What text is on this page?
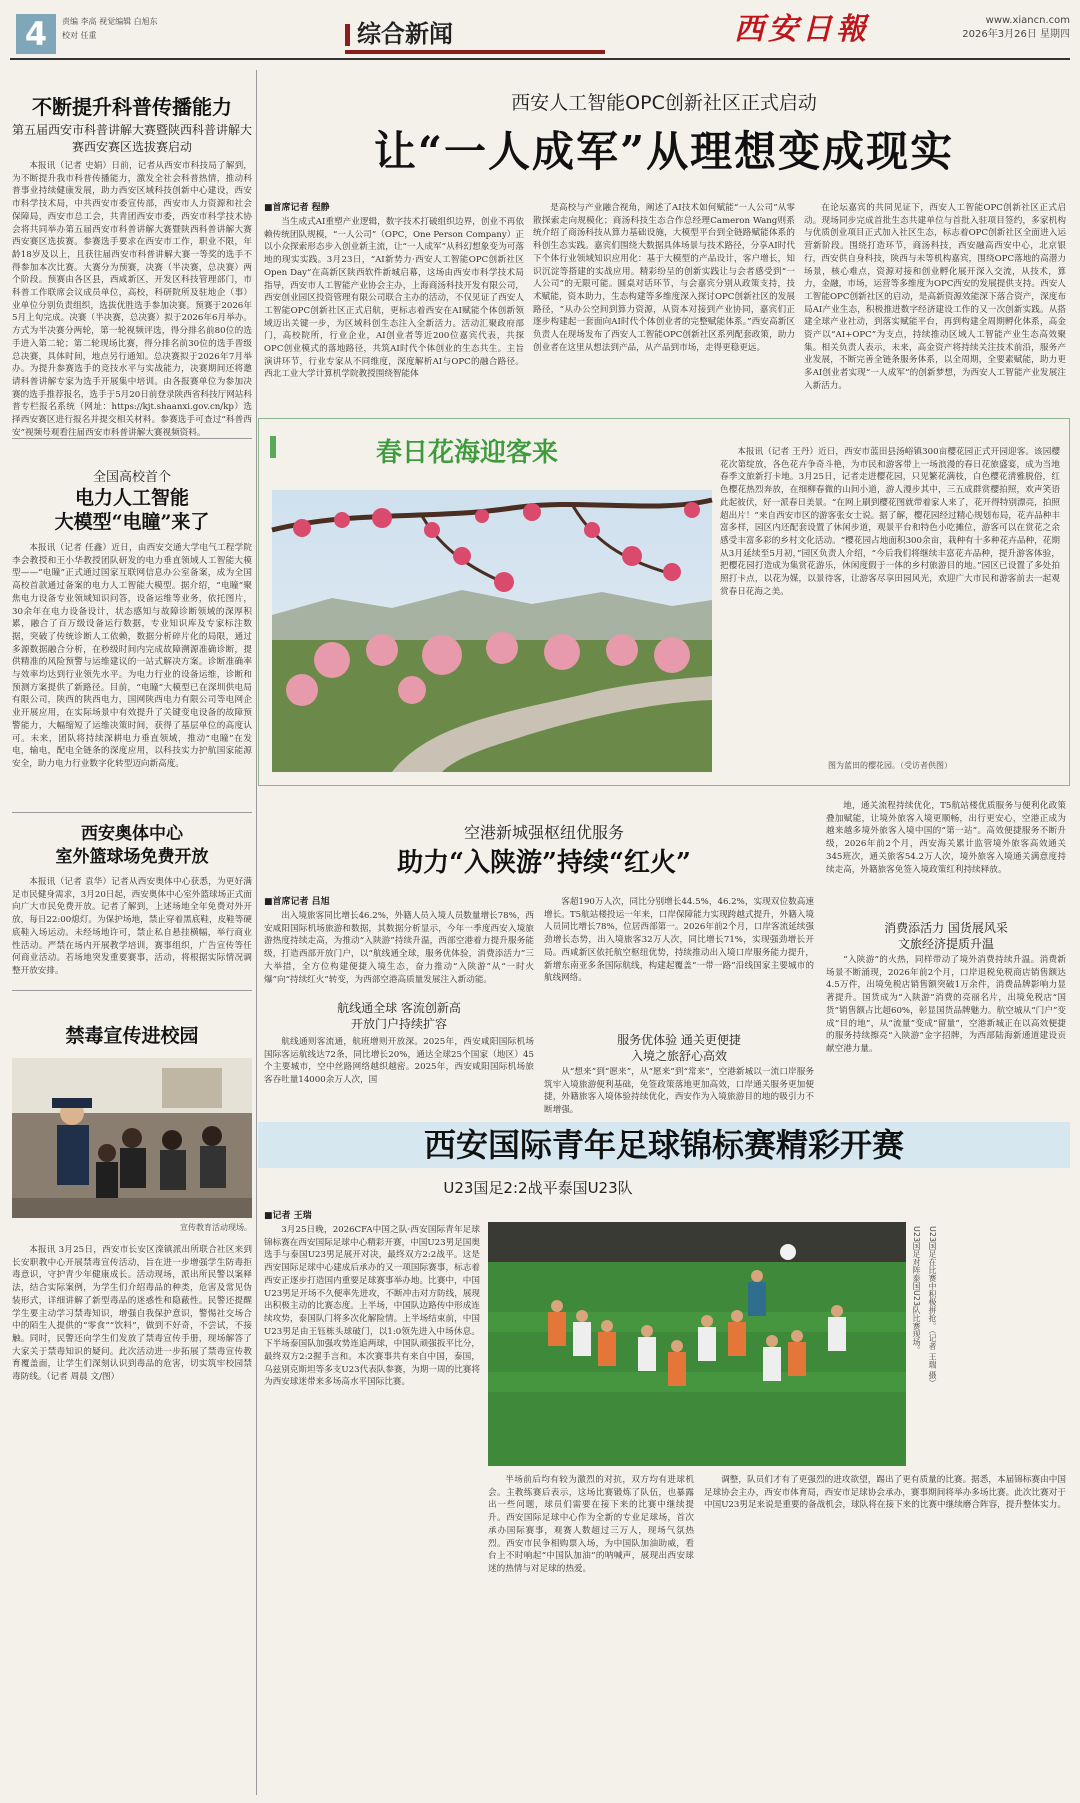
4	责编 李高 视觉编辑 白旭东
校对 任重	综合新闻	西安日報	www.xiancn.com
2026年3月26日 星期四
不断提升科普传播能力
第五届西安市科普讲解大赛暨陕西科普讲解大赛西安赛区选拔赛启动
本报讯（记者 史娟）日前，记者从西安市科技局了解到，为不断提升我市科普传播能力，激发全社会科普热情，推动科普事业持续健康发展，助力西安区域科技创新中心建设，西安市科学技术局，中共西安市委宣传部，西安市人力资源和社会保障局，西安市总工会，共青团西安市委，西安市科学技术协会将共同举办第五届西安市科普讲解大赛暨陕西科普讲解大赛西安赛区选拔赛。参赛选手要求在西安市工作，职业不限，年龄18岁及以上，且获往届西安市科普讲解大赛一等奖的选手不得参加本次比赛。大赛分为预赛，决赛（半决赛，总决赛）两个阶段。预赛由各区县，西咸新区，开发区科技管理部门，市科普工作联席会议成员单位，高校，科研院所及驻地企（事）业单位分别负责组织，选拔优胜选手参加决赛。预赛于2026年5月上旬完成。决赛（半决赛，总决赛）拟于2026年6月举办。方式为半决赛分两轮，第一轮视频评选，得分排名前80位的选手进入第二轮；第二轮现场比赛，得分排名前30位的选手晋级总决赛，具体时间，地点另行通知。总决赛拟于2026年7月举办。为提升参赛选手的竞技水平与实战能力，决赛期间还将邀请科普讲解专家为选手开展集中培训。由各报赛单位为参加决赛的选手推荐报名，选手于5月20日前登录陕西省科技厅网站科普专栏报名系统（网址：https://kjt.shaanxi.gov.cn/kp）选择西安赛区进行报名并提交相关材料。参赛选手可查过“科普西安”视频号观看往届西安市科普讲解大赛视频资料。
全国高校首个
电力人工智能
大模型“电瞳”来了
本报讯（记者 任鑫）近日，由西安交通大学电气工程学院李会教授和王小华教授团队研发的电力垂直领域人工智能大模型——“电瞳”正式通过国家互联网信息办公室备案，成为全国高校首款通过备案的电力人工智能大模型。据介绍，“电瞳”聚焦电力设备专业领域知识问答，设备运维等业务，依托图片，30余年在电力设备设计，状态感知与故障诊断领域的深厚积累，融合了百万级设备运行数据，专业知识库及专家标注数据，突破了传统诊断人工依赖，数据分析碎片化的局限，通过多源数据融合分析，在秒级时间内完成故障溯源准确诊断，提供精准的风险预警与运维建议的一站式解决方案。诊断准确率与效率均达到行业领先水平。为电力行业的设备运维，诊断和预测方案提供了新路径。目前，“电瞳”大模型已在深圳供电局有限公司，陕西的陕西电力，国网陕西电力有限公司等电网企业开展应用，在实际场景中有效提升了关键变电设备的故障预警能力，大幅缩短了运维决策时间，获得了基层单位的高度认可。未来，团队将持续深耕电力垂直领域，推动“电瞳”在发电，输电，配电全链条的深度应用，以科技实力护航国家能源安全，助力电力行业数字化转型迈向新高度。
西安奥体中心
室外篮球场免费开放
本报讯（记者 袁华）记者从西安奥体中心获悉，为更好满足市民健身需求，3月20日起，西安奥体中心室外篮球场正式面向广大市民免费开放。记者了解到，上述场地全年免费对外开放，每日22:00熄灯。为保护场地，禁止穿着黑底鞋，皮鞋等硬底鞋入场运动。未经场地许可，禁止私自悬挂横幅，举行商业性活动。严禁在场内开展教学培训，赛事组织，广告宣传等任何商业活动。若场地突发重要赛事，活动，将根据实际情况调整开放安排。
禁毒宣传进校园
宣传教育活动现场。
本报讯 3月25日，西安市长安区滦镇派出所联合社区来到长安职教中心开展禁毒宣传活动，旨在进一步增强学生防毒拒毒意识，守护青少年健康成长。活动现场，派出所民警以案释法，结合实际案例，为学生们介绍毒品的种类，危害及常见伪装形式，详细讲解了新型毒品的迷惑性和隐蔽性。民警还提醒学生要主动学习禁毒知识，增强自我保护意识，警惕社交场合中的陌生人提供的“零食”“饮料”，做到不好奇，不尝试，不接触。同时，民警还向学生们发放了禁毒宣传手册，现场解答了大家关于禁毒知识的疑问。此次活动进一步拓展了禁毒宣传教育覆盖面，让学生们深刻认识到毒品的危害，切实筑牢校园禁毒防线。（记者 周晨 文/图）
西安人工智能OPC创新社区正式启动
让“一人成军”从理想变成现实
■首席记者 程静
当生成式AI重塑产业逻辑，数字技术打破组织边界，创业不再依赖传统团队规模，“一人公司”（OPC，One Person Company）正以小众探索形态步入创业新主流，让“一人成军”从科幻想象变为可落地的现实实践。3月23日，“AI新势力·西安人工智能OPC创新社区Open Day”在高新区陕西软件新城启幕，这场由西安市科学技术局指导，西安市人工智能产业协会主办，上海商汤科技开发有限公司，西安创业园区投资管理有限公司联合主办的活动，不仅见证了西安人工智能OPC创新社区正式启航，更标志着西安在AI赋能个体创新领域迈出关键一步，为区域科创生态注入全新活力。活动汇聚政府部门，高校院所，行业企业，AI创业者等近200位嘉宾代表，共探OPC创业模式的落地路径，共筑AI时代个体创业的生态共生。主旨演讲环节，行业专家从不同维度，深度解析AI与OPC的融合路径。西北工业大学计算机学院教授围绕智能体
是高校与产业融合视角，阐述了AI技术如何赋能“一人公司”从零散探索走向规模化；商汤科技生态合作总经理Cameron Wang则系统介绍了商汤科技从算力基础设施，大模型平台到全链路赋能体系的科创生态实践。嘉宾们围绕大数据具体场景与技术路径，分享AI时代下个体行业领域知识应用化：基于大模型的产品设计，客户增长，知识沉淀等搭建的实战应用。精彩纷呈的创新实践让与会者感受到“一人公司”的无限可能。圆桌对话环节，与会嘉宾分别从政策支持，技术赋能，资本助力，生态构建等多维度深入探讨OPC创新社区的发展路径，“从办公空间到算力资源，从资本对接到产业协同，嘉宾们正逐步构建起一套面向AI时代个体创业者的完整赋能体系。”西安高新区负责人在现场发布了西安人工智能OPC创新社区系列配套政策，助力创业者在这里从想法到产品，从产品到市场，走得更稳更远。
在论坛嘉宾的共同见证下，西安人工智能OPC创新社区正式启动。现场同步完成首批生态共建单位与首批入驻项目签约，多家机构与优质创业项目正式加入社区生态，标志着OPC创新社区全面进入运营新阶段。围绕打造环节，商汤科技，西安融高西安中心，北京银行，西安供自身科技，陕西与未等机构嘉宾，围绕OPC落地的高潜力场景，核心难点，资源对接和创业孵化展开深入交流，从技术，算力，金融，市场，运营等多维度为OPC西安的发展提供支持。西安人工智能OPC创新社区的启动，是高新资源效能深下落合资产，深度布局AI产业生态，积极推进数字经济建设工作的又一次创新实践。从搭建全球产业社动，到落实赋能平台，再到构建全周期孵化体系，高金资产以“AI+OPC”为支点，持续推动区域人工智能产业生态高效聚集。相关负责人表示，未来，高金资产将持续关注技术前沿，服务产业发展，不断完善全链条服务体系，以全周期，全要素赋能，助力更多AI创业者实现“一人成军”的创新梦想，为西安人工智能产业发展注入新活力。
春日花海迎客来	本报讯（记者 王丹）近日，西安市蓝田县汤峪镇300亩樱花园正式开园迎客。该园樱花次第绽放，各色花卉争奇斗艳，为市民和游客带上一场浪漫的春日花旅盛宴，成为当地春季文旅新打卡地。3月25日，记者走进樱花园，只见繁花满枝，白色樱花清雅脱俗，红色樱花热烈奔放，在细柳春微的山间小道，游人漫步其中，三五成群赏樱拍照，欢声笑语此起彼伏，好一派春日美景。“在网上刷到樱花图就带着家人来了，花开得特别漂亮，拍照超出片！”来自西安市区的游客张女士说。据了解，樱花园经过精心规划布局，花卉品种丰富多样，园区内还配套设置了休闲步道，观景平台和特色小吃摊位，游客可以在赏花之余感受丰富多彩的乡村文化活动。“樱花园占地面积300余亩，栽种有十多种花卉品种，花期从3月延续至5月初，”园区负责人介绍，“今后我们将继续丰富花卉品种，提升游客体验，把樱花园打造成为集赏花游乐，休闲度假于一体的乡村旅游目的地。”园区已设置了多处拍照打卡点，以花为媒，以景待客，让游客尽享田园风光，欢迎广大市民和游客前去一起观赏春日花海之美。
图为蓝田的樱花园。（受访者供图）
空港新城强枢纽优服务
助力“入陕游”持续“红火”
■首席记者 吕旭
出入境旅客同比增长46.2%，外籍人员入境人员数量增长78%，西安咸阳国际机场旅游和数据，其数据分析显示，今年一季度西安入境旅游热度持续走高，为推动“入陕游”持续升温，西部空港着力提升服务能级，打造西部开放门户，以“航线通全球，服务优体验，消费添活力”三大举措，全方位构建便捷入境生态，奋力推动“入陕游”从“一时火爆”向“持续红火”转变，为西部空港高质量发展注入新动能。
航线通全球 客流创新高
开放门户持续扩容
航线通则客流通，航班增则开放深。2025年，西安咸阳国际机场国际客运航线达72条，同比增长20%，通达全球25个国家（地区）45个主要城市，空中丝路网络越织越密。2025年，西安咸阳国际机场旅客吞吐量14000余万人次，国
客超190万人次，同比分别增长44.5%，46.2%，实现双位数高速增长。T5航站楼投运一年来，口岸保障能力实现跨越式提升，外籍入境人员同比增长78%，位居西部第一。2026年前2个月，口岸客流延续强劲增长态势，出入境旅客32万人次，同比增长71%，实现强劲增长开局。西咸新区依托航空枢纽优势，持续推动出入境口岸服务能力提升，新增东南亚多条国际航线，构建起覆盖“一带一路”沿线国家主要城市的航线网络。
服务优体验 通关更便捷
入境之旅舒心高效
从“想来”到“愿来”，从“愿来”到“常来”，空港新城以一流口岸服务筑牢入境旅游便利基础，免签政策落地更加高效，口岸通关服务更加便捷，外籍旅客入境体验持续优化，西安作为入境旅游目的地的吸引力不断增强。
地，通关流程持续优化，T5航站楼优质服务与便利化政策叠加赋能，让境外旅客入境更顺畅，出行更安心，空港正成为越来越多境外旅客入境中国的“第一站”。高效便捷服务不断升级，2026年前2个月，西安海关累计监管境外旅客高效通关345班次，通关旅客54.2万人次，境外旅客入境通关满意度持续走高，外籍旅客免签入境政策红利持续释放。
消费添活力 国货展风采
文旅经济提质升温
“入陕游”的火热，同样带动了境外消费持续升温。消费新场景不断涌现，2026年前2个月，口岸退税免税商店销售额达4.5万件，出境免税店销售额突破1万余件，消费品牌影响力显著提升。国货成为“入陕游”消费的亮丽名片，出境免税店“国货”销售额占比超60%，彰显国货品牌魅力。航空城从“门户”变成“目的地”，从“流量”变成“留量”，空港新城正在以高效便捷的服务持续擦亮“入陕游”金字招牌，为西部陆海新通道建设贡献空港力量。
西安国际青年足球锦标赛精彩开赛
U23国足2:2战平泰国U23队
■记者 王瑞
3月25日晚，2026CFA中国之队·西安国际青年足球锦标赛在西安国际足球中心精彩开赛，中国U23男足国奥选手与泰国U23男足展开对决，最终双方2:2战平。这是西安国际足球中心建成后承办的又一项国际赛事，标志着西安正逐步打造国内重要足球赛事举办地。比赛中，中国U23男足开场不久便率先进攻，不断冲击对方防线，展现出积极主动的比赛态度。上半场，中国队边路传中形成连续攻势，泰国队门将多次化解险情。上半场结束前，中国U23男足由王钰栋头球破门，以1:0领先进入中场休息。下半场泰国队加强攻势连追两球，中国队顽强扳平比分，最终双方2:2握手言和。本次赛事共有来自中国，泰国，乌兹别克斯坦等多支U23代表队参赛，为期一周的比赛将为西安球迷带来多场高水平国际比赛。
U23国足对阵泰国U23队比赛现场。 U23国足在比赛中积极拼抢。（记者 王瑞 摄）
半场前后均有较为激烈的对抗，双方均有进球机会。主教练赛后表示，这场比赛锻炼了队伍，也暴露出一些问题，球员们需要在接下来的比赛中继续提升。西安国际足球中心作为全新的专业足球场，首次承办国际赛事，观赛人数超过三万人，现场气氛热烈。西安市民争相购票入场，为中国队加油助威，看台上不时响起“中国队加油”的呐喊声，展现出西安球迷的热情与对足球的热爱。
调整，队员们才有了更强烈的进攻欲望，踢出了更有质量的比赛。据悉，本届锦标赛由中国足球协会主办，西安市体育局，西安市足球协会承办，赛事期间将举办多场比赛。此次比赛对于中国U23男足来说是重要的备战机会，球队将在接下来的比赛中继续磨合阵容，提升整体实力。
